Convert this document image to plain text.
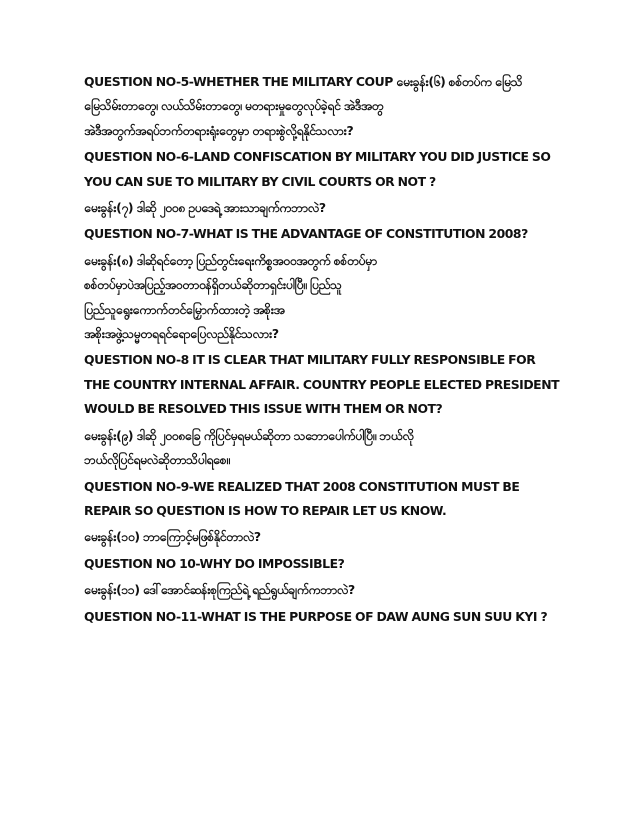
QUESTION NO-5-WHETHER THE MILITARY COUP မေးခွန်း(၆) စစ်တပ်က မြေသိ
မြေသိမ်းတာတွေ၊ လယ်သိမ်းတာတွေ၊ မတရားမှုတွေလုပ်ခဲ့ရင် အဲဒီအတွ
အဲဒီအတွက်အရပ်ဘက်တရားရုံးတွေမှာ တရားစွဲလို့ရနိုင်သလား?

QUESTION NO-6-LAND CONFISCATION BY MILITARY YOU DID JUSTICE SO
YOU CAN SUE TO MILITARY BY CIVIL COURTS OR NOT ?

မေးခွန်း(၇) ဒါဆို ၂၀၀၈ ဥပဒေရဲ့ အားသာချက်ကဘာလဲ?

QUESTION NO-7-WHAT IS THE ADVANTAGE OF CONSTITUTION 2008?

မေးခွန်း(၈) ဒါဆိုရင်တော့ ပြည်တွင်းရေးကိစ္စအဝဝအတွက် စစ်တပ်မှာ
စစ်တပ်မှာပဲအပြည့်အဝတာဝန်ရှိတယ်ဆိုတာရှင်းပါပြီ။ ပြည်သူ
ပြည်သူရွေးကောက်တင်မြှောက်ထားတဲ့ အစိုးအ
အစိုးအဖွဲ့သမ္မတရရင်ရော​ပြေလည်နိုင်သလား?

QUESTION NO-8 IT IS CLEAR THAT MILITARY FULLY RESPONSIBLE FOR
THE COUNTRY INTERNAL AFFAIR. COUNTRY PEOPLE ELECTED PRESIDENT
WOULD BE RESOLVED THIS ISSUE WITH THEM OR NOT?

မေးခွန်း(၉) ဒါဆို ၂၀၀၈ခြေ ကိုပြင်မှရမယ်ဆိုတာ သဘောပေါက်ပါပြီ။ ဘယ်လို
ဘယ်လိုပြင်ရမလဲဆိုတာသိပါရစေ။

QUESTION NO-9-WE REALIZED THAT 2008 CONSTITUTION MUST BE
REPAIR SO QUESTION IS HOW TO REPAIR LET US KNOW.

မေးခွန်း(၁၀) ဘာကြောင့်မဖြစ်နိုင်တာလဲ?

QUESTION NO 10-WHY DO IMPOSSIBLE?

မေးခွန်း(၁၁) ဒေါ်အောင်ဆန်းစုကြည်ရဲ့ ရည်ရွယ်ချက်ကဘာလဲ?

QUESTION NO-11-WHAT IS THE PURPOSE OF DAW AUNG SUN SUU KYI ?
